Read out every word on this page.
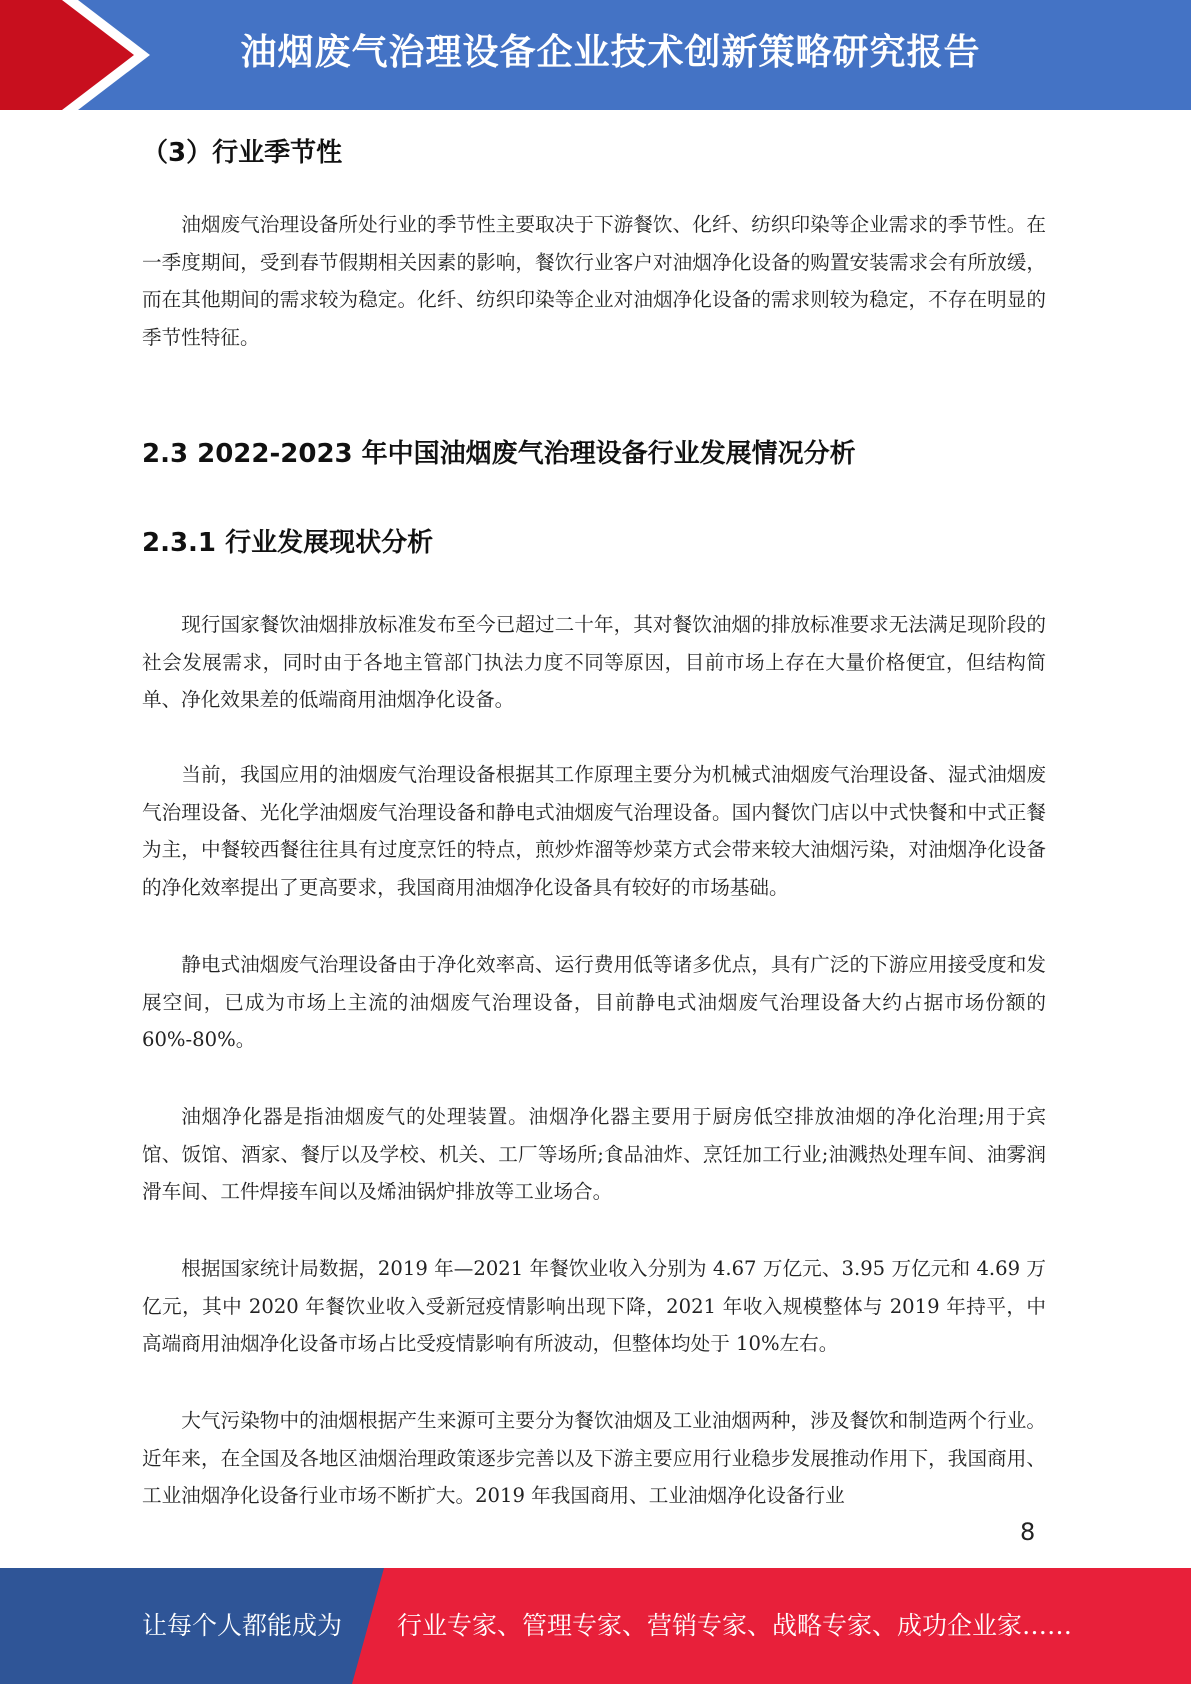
油烟废气治理设备企业技术创新策略研究报告
（3）行业季节性

油烟废气治理设备所处行业的季节性主要取决于下游餐饮、化纤、纺织印染等企业需求的季节性。在一季度期间，受到春节假期相关因素的影响，餐饮行业客户对油烟净化设备的购置安装需求会有所放缓，而在其他期间的需求较为稳定。化纤、纺织印染等企业对油烟净化设备的需求则较为稳定，不存在明显的季节性特征。

2.3 2022-2023 年中国油烟废气治理设备行业发展情况分析
2.3.1 行业发展现状分析

现行国家餐饮油烟排放标准发布至今已超过二十年，其对餐饮油烟的排放标准要求无法满足现阶段的社会发展需求，同时由于各地主管部门执法力度不同等原因，目前市场上存在大量价格便宜，但结构简单、净化效果差的低端商用油烟净化设备。

当前，我国应用的油烟废气治理设备根据其工作原理主要分为机械式油烟废气治理设备、湿式油烟废气治理设备、光化学油烟废气治理设备和静电式油烟废气治理设备。国内餐饮门店以中式快餐和中式正餐为主，中餐较西餐往往具有过度烹饪的特点，煎炒炸溜等炒菜方式会带来较大油烟污染，对油烟净化设备的净化效率提出了更高要求，我国商用油烟净化设备具有较好的市场基础。

静电式油烟废气治理设备由于净化效率高、运行费用低等诸多优点，具有广泛的下游应用接受度和发展空间，已成为市场上主流的油烟废气治理设备，目前静电式油烟废气治理设备大约占据市场份额的 60%-80%。

油烟净化器是指油烟废气的处理装置。油烟净化器主要用于厨房低空排放油烟的净化治理;用于宾馆、饭馆、酒家、餐厅以及学校、机关、工厂等场所;食品油炸、烹饪加工行业;油溅热处理车间、油雾润滑车间、工件焊接车间以及烯油锅炉排放等工业场合。

根据国家统计局数据，2019 年—2021 年餐饮业收入分别为 4.67 万亿元、3.95 万亿元和 4.69 万亿元，其中 2020 年餐饮业收入受新冠疫情影响出现下降，2021 年收入规模整体与 2019 年持平，中高端商用油烟净化设备市场占比受疫情影响有所波动，但整体均处于 10%左右。

大气污染物中的油烟根据产生来源可主要分为餐饮油烟及工业油烟两种，涉及餐饮和制造两个行业。近年来，在全国及各地区油烟治理政策逐步完善以及下游主要应用行业稳步发展推动作用下，我国商用、工业油烟净化设备行业市场不断扩大。2019 年我国商用、工业油烟净化设备行业

8
让每个人都能成为 行业专家、管理专家、营销专家、战略专家、成功企业家……
